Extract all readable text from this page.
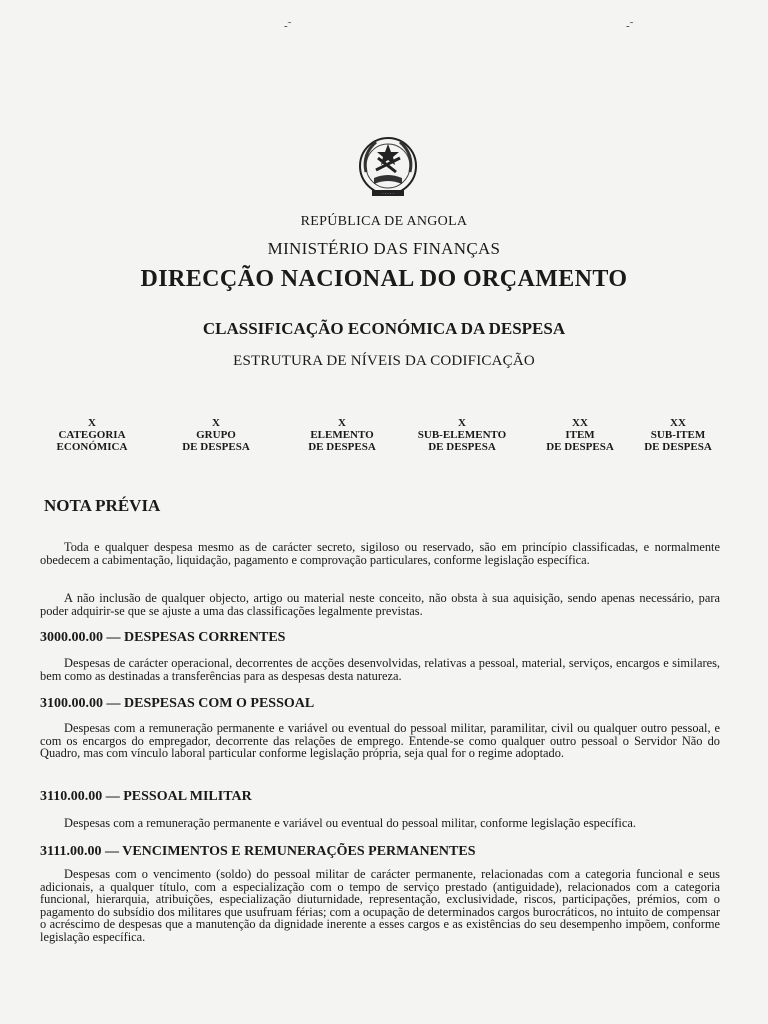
-˜	-˜
· · · · ·
REPÚBLICA DE ANGOLA
MINISTÉRIO DAS FINANÇAS
DIRECÇÃO NACIONAL DO ORÇAMENTO
CLASSIFICAÇÃO ECONÓMICA DA DESPESA
ESTRUTURA DE NÍVEIS DA CODIFICAÇÃO
X
CATEGORIA
ECONÓMICA
X
GRUPO
DE DESPESA
X
ELEMENTO
DE DESPESA
X
SUB-ELEMENTO
DE DESPESA
XX
ITEM
DE DESPESA
XX
SUB-ITEM
DE DESPESA
NOTA PRÉVIA
Toda e qualquer despesa mesmo as de carácter secreto, sigiloso ou reservado, são em princípio classificadas, e normalmente obedecem a cabimentação, liquidação, pagamento e comprovação particulares, conforme legislação específica.
A não inclusão de qualquer objecto, artigo ou material neste conceito, não obsta à sua aquisição, sendo apenas necessário, para poder adquirir-se que se ajuste a uma das classificações legalmente previstas.
3000.00.00 — DESPESAS CORRENTES
Despesas de carácter operacional, decorrentes de acções desenvolvidas, relativas a pessoal, material, serviços, encargos e similares, bem como as destinadas a transferências para as despesas desta natureza.
3100.00.00 — DESPESAS COM O PESSOAL
Despesas com a remuneração permanente e variável ou eventual do pessoal militar, paramilitar, civil ou qualquer outro pessoal, e com os encargos do empregador, decorrente das relações de emprego. Entende-se como qualquer outro pessoal o Servidor Não do Quadro, mas com vínculo laboral particular conforme legislação própria, seja qual for o regime adoptado.
3110.00.00 — PESSOAL MILITAR
Despesas com a remuneração permanente e variável ou eventual do pessoal militar, conforme legislação específica.
3111.00.00 — VENCIMENTOS E REMUNERAÇÕES PERMANENTES
Despesas com o vencimento (soldo) do pessoal militar de carácter permanente, relacionadas com a categoria funcional e seus adicionais, a qualquer título, com a especialização com o tempo de serviço prestado (antiguidade), relacionados com a categoria funcional, hierarquia, atribuições, especialização diuturnidade, representação, exclusividade, riscos, participações, prémios, com o pagamento do subsídio dos militares que usufruam férias; com a ocupação de determinados cargos burocráticos, no intuito de compensar o acréscimo de despesas que a manutenção da dignidade inerente a esses cargos e as existências do seu desempenho impõem, conforme legislação específica.
